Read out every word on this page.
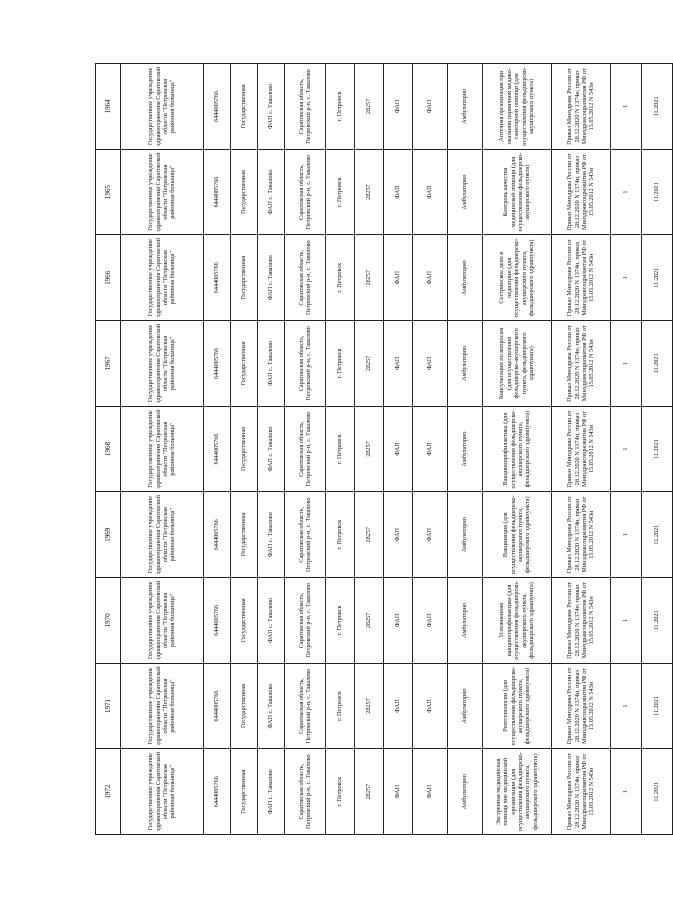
1972	1971	1970	1969	1968	1967	1966	1965	1964
Государственное учреждение здравоохранения Саратовской области "Петровская районная больница"	Государственное учреждение здравоохранения Саратовской области "Петровская районная больница"	Государственное учреждение здравоохранения Саратовской области "Петровская районная больница"	Государственное учреждение здравоохранения Саратовской области "Петровская районная больница"	Государственное учреждение здравоохранения Саратовской области "Петровская районная больница"	Государственное учреждение здравоохранения Саратовской области "Петровская районная больница"	Государственное учреждение здравоохранения Саратовской области "Петровская районная больница"	Государственное учреждение здравоохранения Саратовской области "Петровская районная больница"	Государственное учреждение здравоохранения Саратовской области "Петровская районная больница"
6444005766	6444005766	6444005766	6444005766	6444005766	6444005766	6444005766	6444005766	6444005766
Государственная	Государственная	Государственная	Государственная	Государственная	Государственная	Государственная	Государственная	Государственная
ФАП с. Тавалово	ФАП с. Тавалово	ФАП с. Тавалово	ФАП с. Тавалово	ФАП с. Тавалово	ФАП с. Тавалово	ФАП с. Тавалово	ФАП с. Тавалово	ФАП с. Тавалово
Саратовская область, Петровский р-н, с. Тавалово	Саратовская область, Петровский р-н, с. Тавалово	Саратовская область, Петровский р-н, с. Тавалово	Саратовская область, Петровский р-н, с. Тавалово	Саратовская область, Петровский р-н, с. Тавалово	Саратовская область, Петровский р-н, с. Тавалово	Саратовская область, Петровский р-н, с. Тавалово	Саратовская область, Петровский р-н, с. Тавалово	Саратовская область, Петровский р-н, с. Тавалово
г. Петровск	г. Петровск	г. Петровск	г. Петровск	г. Петровск	г. Петровск	г. Петровск	г. Петровск	г. Петровск
28257	28257	28257	28257	28257	28257	28257	28257	28257
ФАП	ФАП	ФАП	ФАП	ФАП	ФАП	ФАП	ФАП	ФАП
ФАП	ФАП	ФАП	ФАП	ФАП	ФАП	ФАП	ФАП	ФАП
Амбулаторно	Амбулаторно	Амбулаторно	Амбулаторно	Амбулаторно	Амбулаторно	Амбулаторно	Амбулаторно	Амбулаторно
Экстренная медицинская помощь вне медицинской организации (для осуществления фельдшерско-акушерского пункта, фельдшерского здравпункта)	Рентгенологии (для осуществления фельдшерско-акушерского пункта, фельдшерского здравпункта)	Усложненная вакцинопрофилактика (для осуществления фельдшерско-акушерского пункта, фельдшерского здравпункта)	Вакцинация (для осуществления фельдшерско-акушерского пункта, фельдшерского здравпункта)	Вакцинопрофилактика (для осуществления фельдшерско-акушерского пункта, фельдшерского здравпункта)	Консультации по вопросам (для осуществления фельдшерско-акушерского пункта, фельдшерского здравпункта)	Сестринское дело в педиатрии (для осуществления фельдшерско-акушерского пункта, фельдшерского здравпункта)	Контроль качества медицинской помощи (для осуществления фельдшерско-акушерского пункта)	Аптечная организация при оказании первичной медико-санитарной помощи (для осуществления фельдшерско-акушерского пункта)
Приказ Минздрава России от 28.12.2020 N 1374н, приказ Минздравсоцразвития РФ от 15.05.2012 N 543н	Приказ Минздрава России от 28.12.2020 N 1374н, приказ Минздравсоцразвития РФ от 15.05.2012 N 543н	Приказ Минздрава России от 28.12.2020 N 1374н, приказ Минздравсоцразвития РФ от 15.05.2012 N 543н	Приказ Минздрава России от 28.12.2020 N 1374н, приказ Минздравсоцразвития РФ от 15.05.2012 N 543н	Приказ Минздрава России от 28.12.2020 N 1374н, приказ Минздравсоцразвития РФ от 15.05.2012 N 543н	Приказ Минздрава России от 28.12.2020 N 1374н, приказ Минздравсоцразвития РФ от 15.05.2012 N 543н	Приказ Минздрава России от 28.12.2020 N 1374н, приказ Минздравсоцразвития РФ от 15.05.2012 N 543н	Приказ Минздрава России от 28.12.2020 N 1374н, приказ Минздравсоцразвития РФ от 15.05.2012 N 543н	Приказ Минздрава России от 28.12.2020 N 1374н, приказ Минздравсоцразвития РФ от 15.05.2012 N 543н
1	1	1	1	1	1	1	1	1
11.2021	11.2021	11.2021	11.2021	11.2021	11.2021	11.2021	11.2021	11.2021
